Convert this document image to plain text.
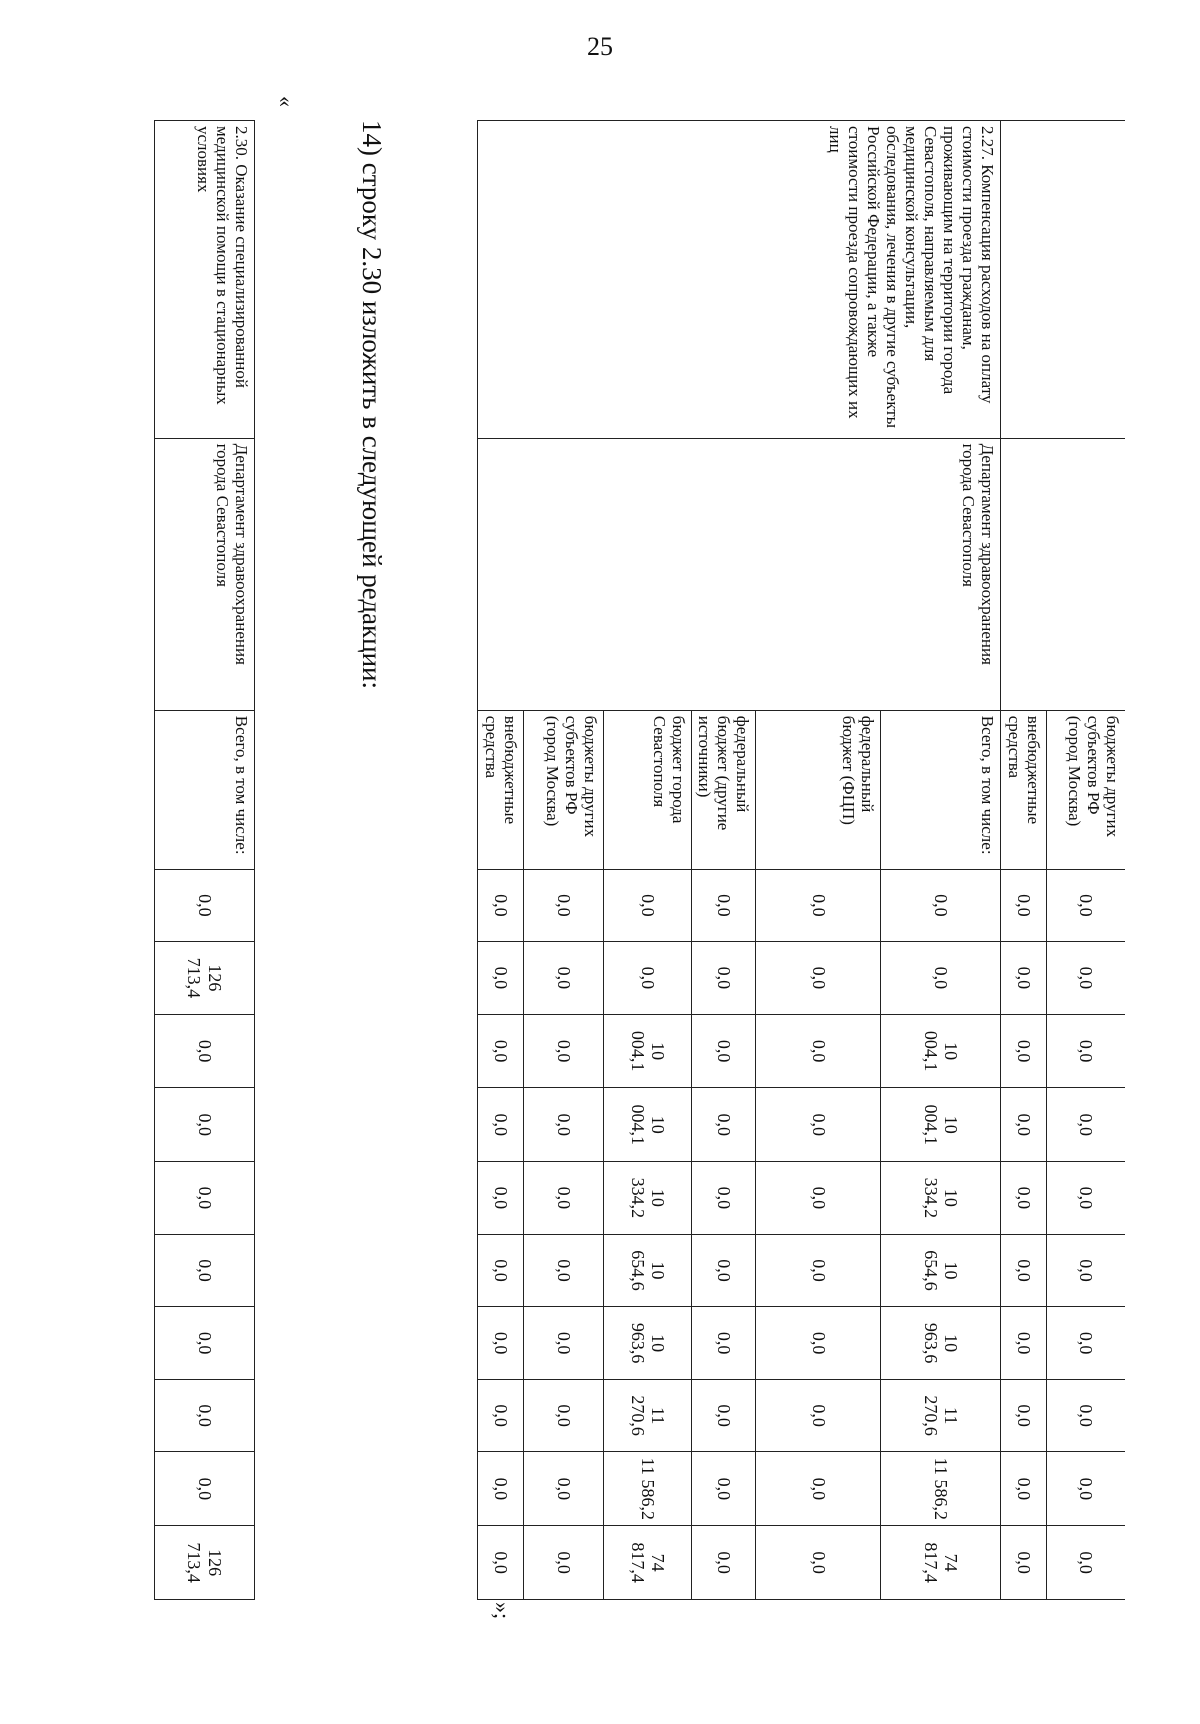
25
		бюджеты других субъектов РФ (город Москва)	0,0	0,0	0,0	0,0	0,0	0,0	0,0	0,0	0,0	0,0
		внебюджетные средства	0,0	0,0	0,0	0,0	0,0	0,0	0,0	0,0	0,0	0,0
2.27. Компенсация расходов на оплату стоимости проезда гражданам, проживающим на территории города Севастополя, направляемым для медицинской консультации, обследования, лечения в другие субъекты Российской Федерации, а также стоимости проезда сопровождающих их лиц	Департамент здравоохранения города Севастополя	Всего, в том числе:	0,0	0,0	10 004,1	10 004,1	10 334,2	10 654,6	10 963,6	11 270,6	11 586,2	74 817,4
		федеральный бюджет (ФЦП)	0,0	0,0	0,0	0,0	0,0	0,0	0,0	0,0	0,0	0,0
		федеральный бюджет (другие источники)	0,0	0,0	0,0	0,0	0,0	0,0	0,0	0,0	0,0	0,0
		бюджет города Севастополя	0,0	0,0	10 004,1	10 004,1	10 334,2	10 654,6	10 963,6	11 270,6	11 586,2	74 817,4
		бюджеты других субъектов РФ (город Москва)	0,0	0,0	0,0	0,0	0,0	0,0	0,0	0,0	0,0	0,0
		внебюджетные средства	0,0	0,0	0,0	0,0	0,0	0,0	0,0	0,0	0,0	0,0
»;
14) строку 2.30 изложить в следующей редакции:
«
2.30. Оказание специализированной медицинской помощи в стационарных условиях	Департамент здравоохранения города Севастополя	Всего, в том числе:	0,0	126 713,4	0,0	0,0	0,0	0,0	0,0	0,0	0,0	126 713,4
